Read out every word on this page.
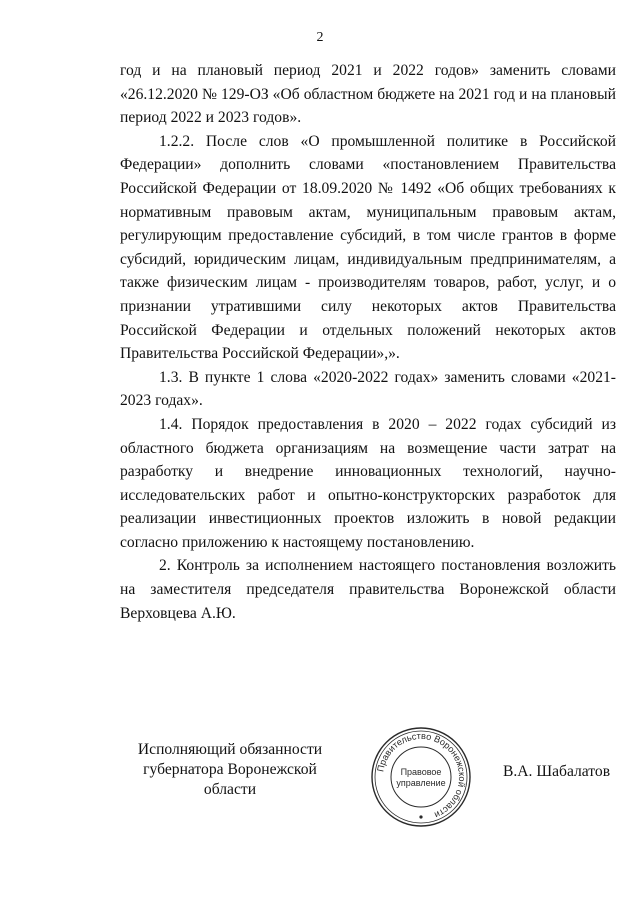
2

год и на плановый период 2021 и 2022 годов» заменить словами «26.12.2020 № 129-ОЗ «Об областном бюджете на 2021 год и на плановый период 2022 и 2023 годов».

1.2.2. После слов «О промышленной политике в Российской Федерации» дополнить словами «постановлением Правительства Российской Федерации от 18.09.2020 № 1492 «Об общих требованиях к нормативным правовым актам, муниципальным правовым актам, регулирующим предоставление субсидий, в том числе грантов в форме субсидий, юридическим лицам, индивидуальным предпринимателям, а также физическим лицам - производителям товаров, работ, услуг, и о признании утратившими силу некоторых актов Правительства Российской Федерации и отдельных положений некоторых актов Правительства Российской Федерации»,».

1.3. В пункте 1 слова «2020-2022 годах» заменить словами «2021-2023 годах».

1.4. Порядок предоставления в 2020 – 2022 годах субсидий из областного бюджета организациям на возмещение части затрат на разработку и внедрение инновационных технологий, научно-исследовательских работ и опытно-конструкторских разработок для реализации инвестиционных проектов изложить в новой редакции согласно приложению к настоящему постановлению.

2. Контроль за исполнением настоящего постановления возложить на заместителя председателя правительства Воронежской области Верховцева А.Ю.

Исполняющий обязанности
губернатора Воронежской области
Правительство Воронежской области
Правовое
управление
В.А. Шабалатов
